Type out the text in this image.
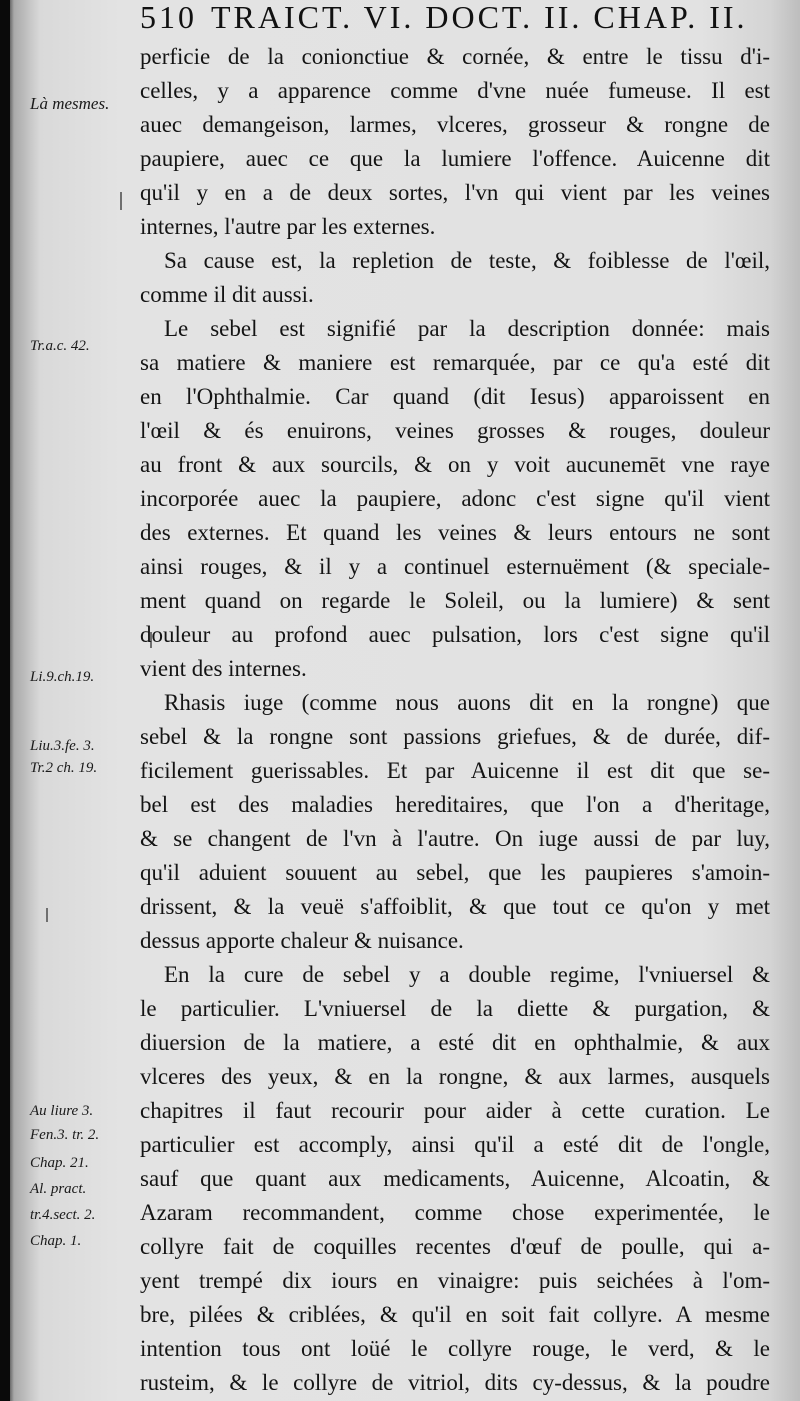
510 TRAICT. VI. DOCT. II. CHAP. II.
Là mesmes.
Tr.a.c. 42.
Li.9.ch.19.
Liu.3.fe. 3.
Tr.2 ch. 19.
Au liure 3.
Fen.3. tr. 2.
Chap. 21.
Al. pract.
tr.4.sect. 2.
Chap. 1.
perficie de la conionctiue & cornée, & entre le tissu d'i-
celles, y a apparence comme d'vne nuée fumeuse. Il est
auec demangeison, larmes, vlceres, grosseur & rongne de
paupiere, auec ce que la lumiere l'offence. Auicenne dit
qu'il y en a de deux sortes, l'vn qui vient par les veines
internes, l'autre par les externes.
Sa cause est, la repletion de teste, & foiblesse de l'œil,
comme il dit aussi.
Le sebel est signifié par la description donnée: mais
sa matiere & maniere est remarquée, par ce qu'a esté dit
en l'Ophthalmie. Car quand (dit Iesus) apparoissent en
l'œil & és enuirons, veines grosses & rouges, douleur
au front & aux sourcils, & on y voit aucunemēt vne raye
incorporée auec la paupiere, adonc c'est signe qu'il vient
des externes. Et quand les veines & leurs entours ne sont
ainsi rouges, & il y a continuel esternuëment (& speciale-
ment quand on regarde le Soleil, ou la lumiere) & sent
douleur au profond auec pulsation, lors c'est signe qu'il
vient des internes.
Rhasis iuge (comme nous auons dit en la rongne) que
sebel & la rongne sont passions griefues, & de durée, dif-
ficilement guerissables. Et par Auicenne il est dit que se-
bel est des maladies hereditaires, que l'on a d'heritage,
& se changent de l'vn à l'autre. On iuge aussi de par luy,
qu'il aduient souuent au sebel, que les paupieres s'amoin-
drissent, & la veuë s'affoiblit, & que tout ce qu'on y met
dessus apporte chaleur & nuisance.
En la cure de sebel y a double regime, l'vniuersel &
le particulier. L'vniuersel de la diette & purgation, &
diuersion de la matiere, a esté dit en ophthalmie, & aux
vlceres des yeux, & en la rongne, & aux larmes, ausquels
chapitres il faut recourir pour aider à cette curation. Le
particulier est accomply, ainsi qu'il a esté dit de l'ongle,
sauf que quant aux medicaments, Auicenne, Alcoatin, &
Azaram recommandent, comme chose experimentée, le
collyre fait de coquilles recentes d'œuf de poulle, qui a-
yent trempé dix iours en vinaigre: puis seichées à l'om-
bre, pilées & criblées, & qu'il en soit fait collyre. A mesme
intention tous ont loüé le collyre rouge, le verd, & le
rusteim, & le collyre de vitriol, dits cy-dessus, & la poudre
